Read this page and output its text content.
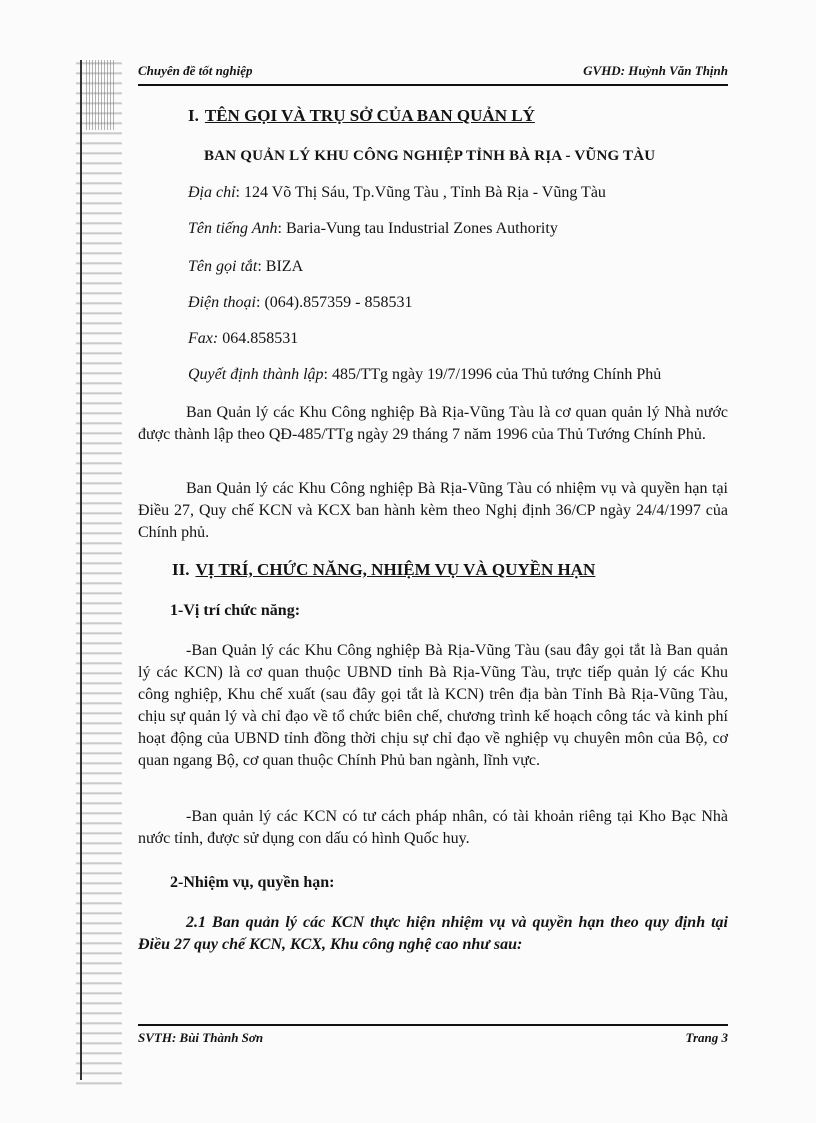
Chuyên đề tốt nghiệp	GVHD: Huỳnh Văn Thịnh
I. TÊN GỌI VÀ TRỤ SỞ CỦA BAN QUẢN LÝ
BAN QUẢN LÝ KHU CÔNG NGHIỆP TỈNH BÀ RỊA - VŨNG TÀU
Địa chỉ: 124 Võ Thị Sáu, Tp.Vũng Tàu , Tỉnh Bà Rịa - Vũng Tàu
Tên tiếng Anh: Baria-Vung tau Industrial Zones Authority
Tên gọi tắt: BIZA
Điện thoại: (064).857359 - 858531
Fax: 064.858531
Quyết định thành lập: 485/TTg ngày 19/7/1996 của Thủ tướng Chính Phủ
Ban Quản lý các Khu Công nghiệp Bà Rịa-Vũng Tàu là cơ quan quản lý Nhà nước được thành lập theo QĐ-485/TTg ngày 29 tháng 7 năm 1996 của Thủ Tướng Chính Phủ.
Ban Quản lý các Khu Công nghiệp Bà Rịa-Vũng Tàu có nhiệm vụ và quyền hạn tại Điều 27, Quy chế KCN và KCX ban hành kèm theo Nghị định 36/CP ngày 24/4/1997 của Chính phủ.
II. VỊ TRÍ, CHỨC NĂNG, NHIỆM VỤ VÀ QUYỀN HẠN
1-Vị trí chức năng:
-Ban Quản lý các Khu Công nghiệp Bà Rịa-Vũng Tàu (sau đây gọi tắt là Ban quản lý các KCN) là cơ quan thuộc UBND tỉnh Bà Rịa-Vũng Tàu, trực tiếp quản lý các Khu công nghiệp, Khu chế xuất (sau đây gọi tắt là KCN) trên địa bàn Tỉnh Bà Rịa-Vũng Tàu, chịu sự quản lý và chỉ đạo về tổ chức biên chế, chương trình kế hoạch công tác và kinh phí hoạt động của UBND tỉnh đồng thời chịu sự chỉ đạo về nghiệp vụ chuyên môn của Bộ, cơ quan ngang Bộ, cơ quan thuộc Chính Phủ ban ngành, lĩnh vực.
-Ban quản lý các KCN có tư cách pháp nhân, có tài khoản riêng tại Kho Bạc Nhà nước tỉnh, được sử dụng con dấu có hình Quốc huy.
2-Nhiệm vụ, quyền hạn:
2.1 Ban quản lý các KCN thực hiện nhiệm vụ và quyền hạn theo quy định tại Điều 27 quy chế KCN, KCX, Khu công nghệ cao như sau:
SVTH: Bùi Thành Sơn	Trang 3
